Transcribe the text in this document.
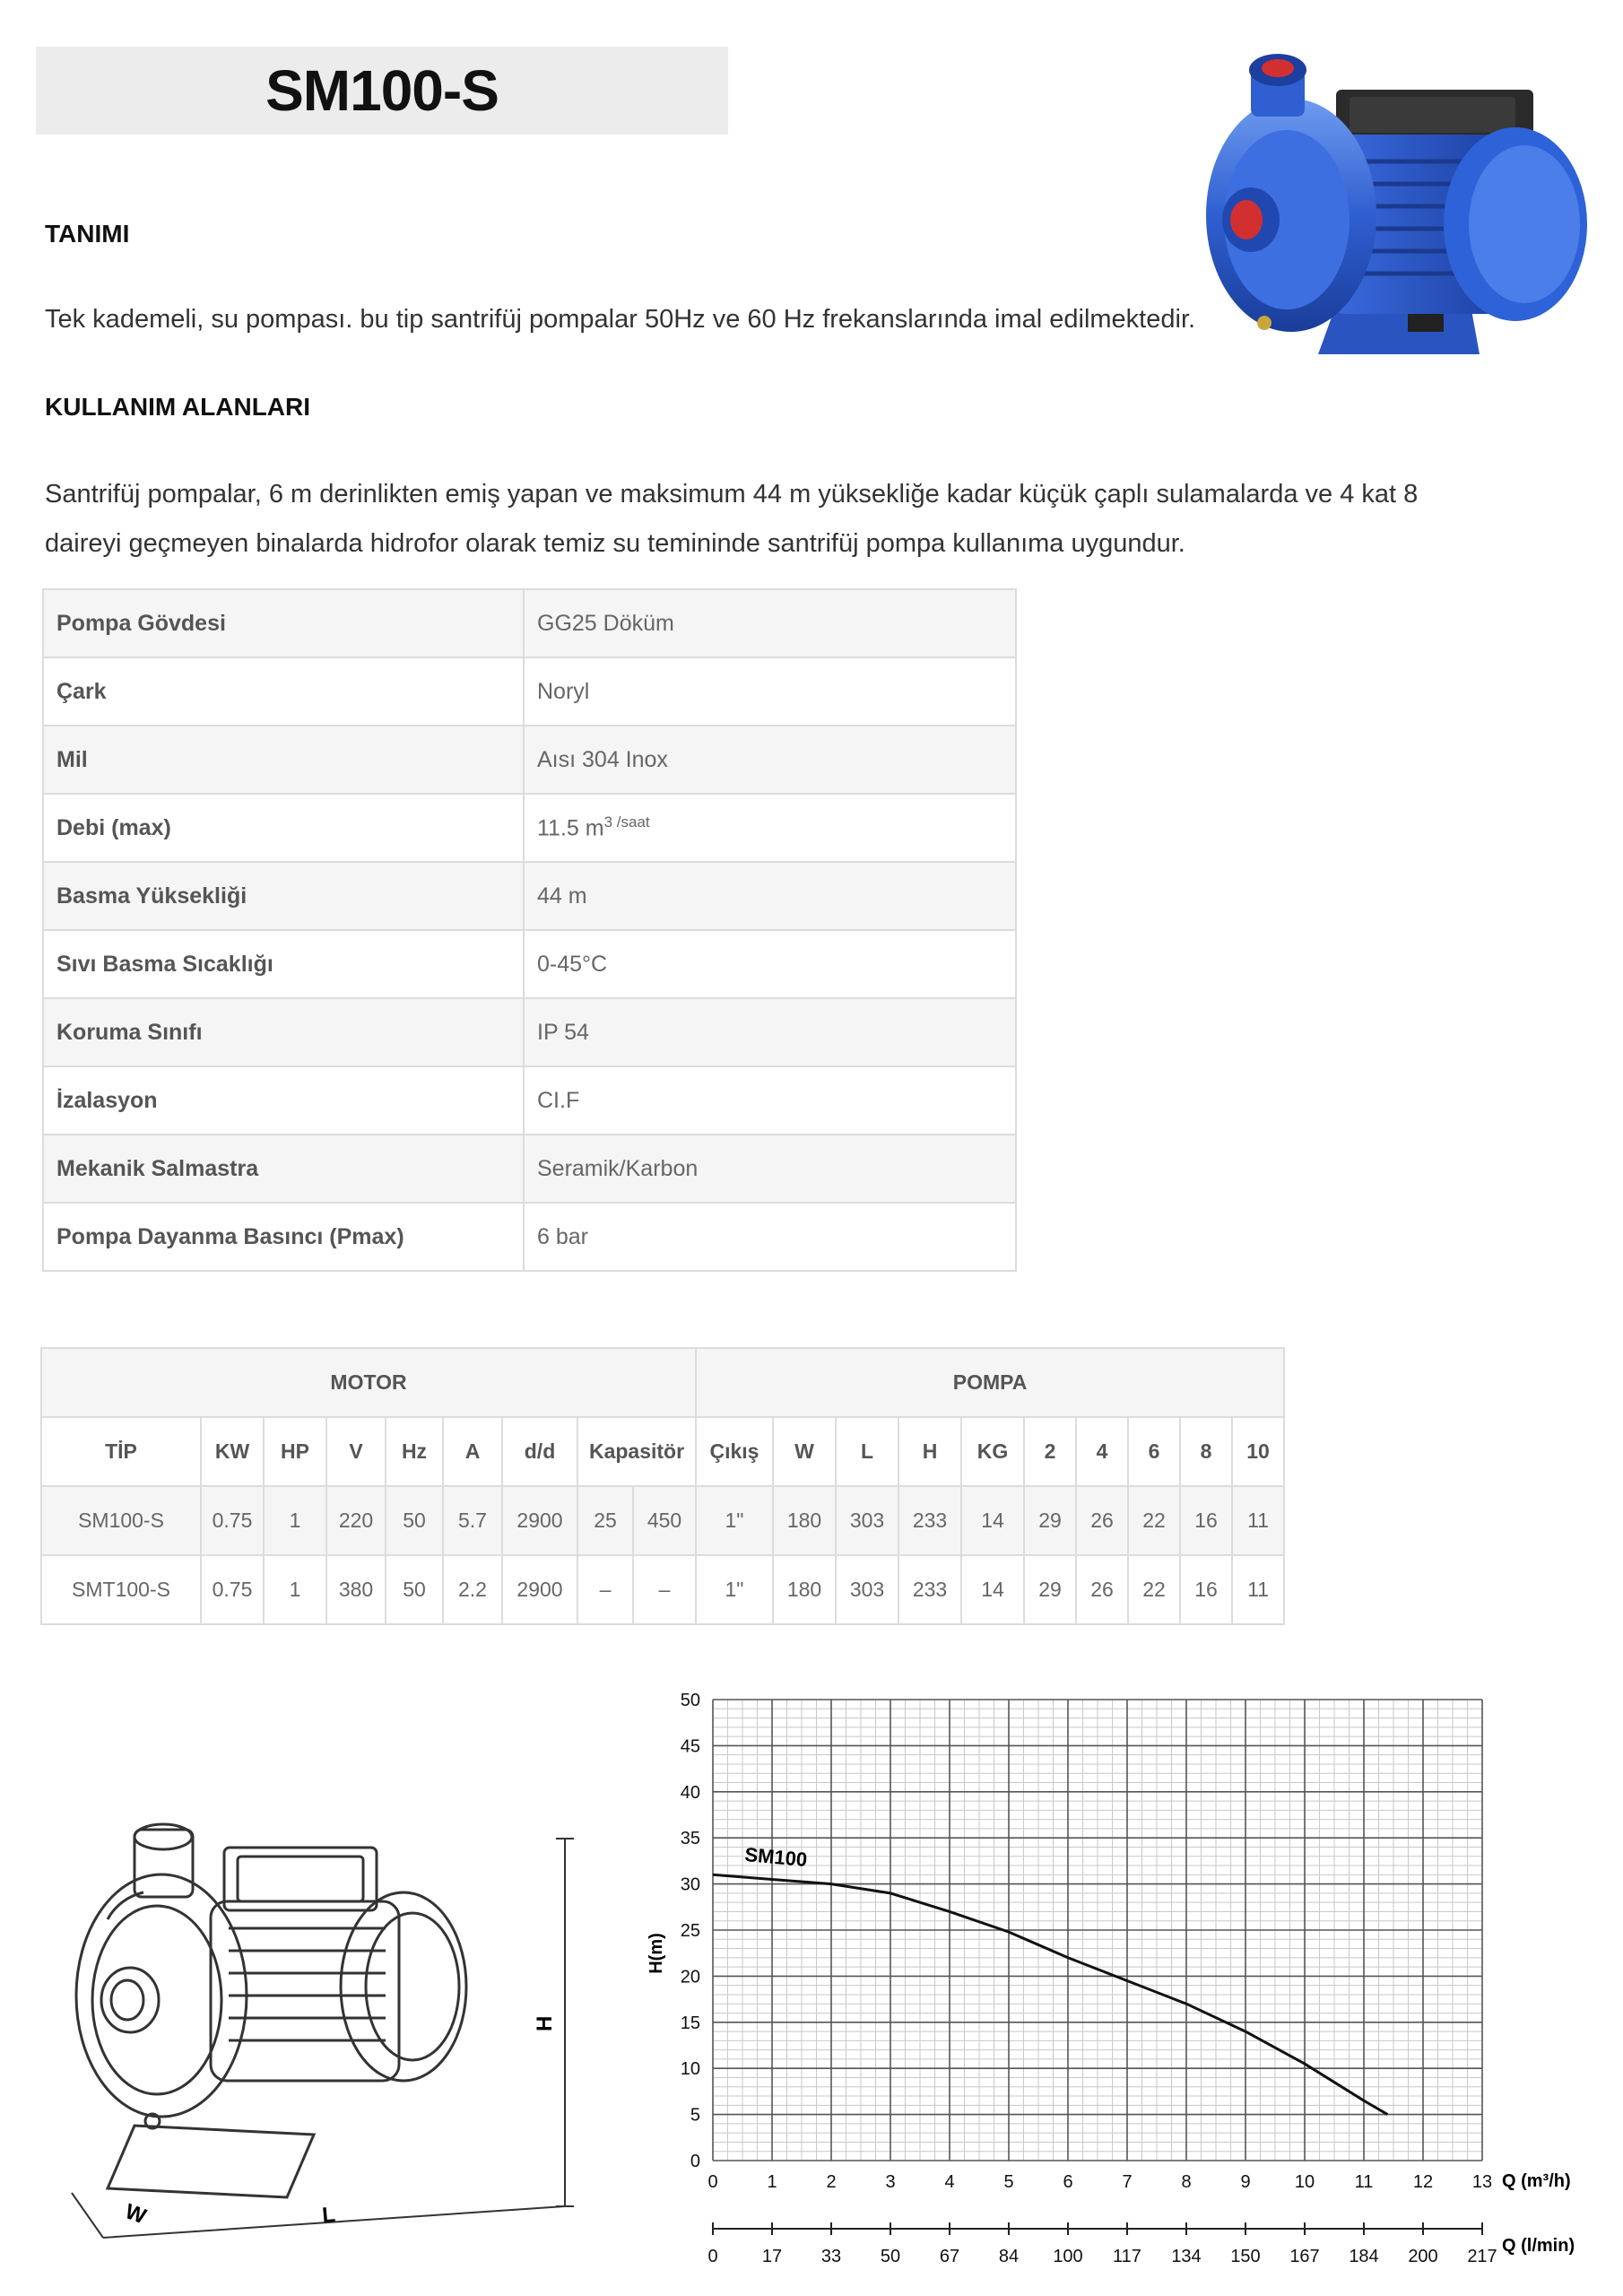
SM100-S
TANIMI
Tek kademeli, su pompası. bu tip santrifüj pompalar 50Hz ve 60 Hz frekanslarında imal edilmektedir.
KULLANIM ALANLARI
Santrifüj pompalar, 6 m derinlikten emiş yapan ve maksimum 44 m yüksekliğe kadar küçük çaplı sulamalarda ve 4 kat 8
daireyi geçmeyen binalarda hidrofor olarak temiz su temininde santrifüj pompa kullanıma uygundur.
Pompa Gövdesi	GG25 Döküm
Çark	Noryl
Mil	Aısı 304 Inox
Debi (max)	11.5 $m^{3 /saat}$
Basma Yüksekliği	44 m
Sıvı Basma Sıcaklığı	0-45°C
Koruma Sınıfı	IP 54
İzalasyon	CI.F
Mekanik Salmastra	Seramik/Karbon
Pompa Dayanma Basıncı (Pmax)	6 bar
MOTOR									POMPA									
TİP	KW	HP	V	Hz	A	d/d	Kapasitör		Çıkış	W	L	H	KG	2	4	6	8	10
SM100-S	0.75	1	220	50	5.7	2900	25	450	1"	180	303	233	14	29	26	22	16	11
SMT100-S	0.75	1	380	50	2.2	2900	–	–	1"	180	303	233	14	29	26	22	16	11
H
W	L
0
5
10
15
20
25
30
35
40
45
50
0	1	2	3	4	5	6	7	8	9 10 11 12 13
0 17 33 50 67 84 100 117 134 150 167 184 200 217
SM100
H(m)
Q (m³/h)
Q (l/min)
